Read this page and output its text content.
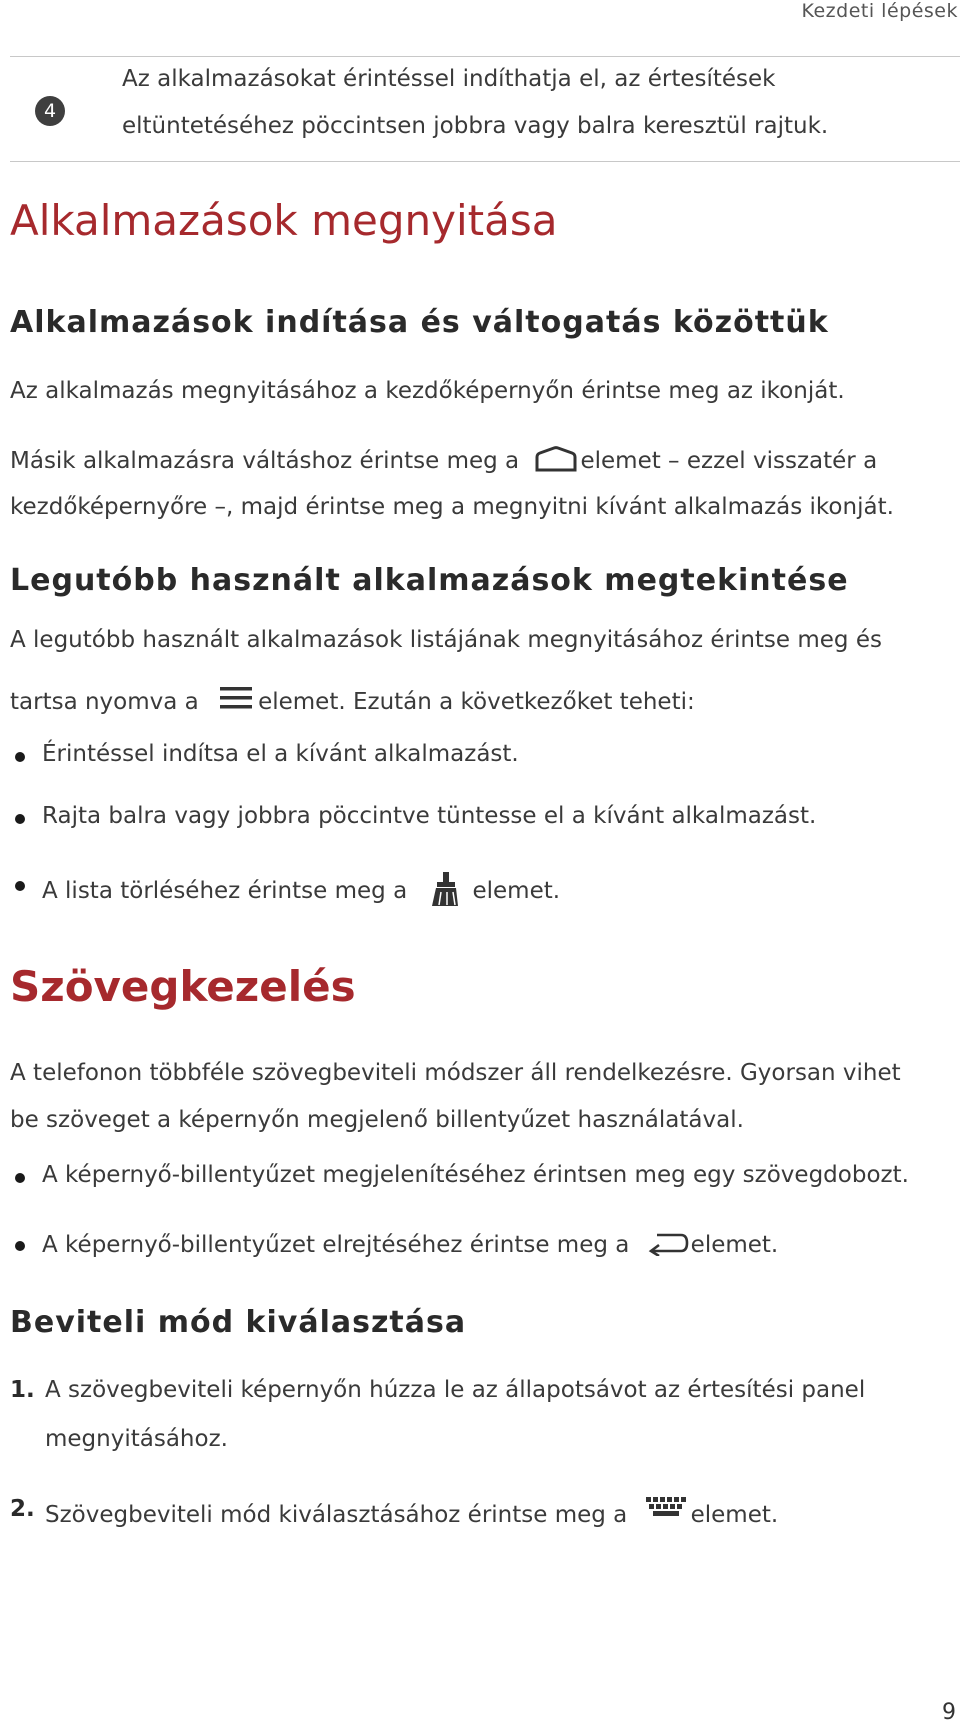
Kezdeti lépések
4
Az alkalmazásokat érintéssel indíthatja el, az értesítések
eltüntetéséhez pöccintsen jobbra vagy balra keresztül rajtuk.
Alkalmazások megnyitása
Alkalmazások indítása és váltogatás közöttük
Az alkalmazás megnyitásához a kezdőképernyőn érintse meg az ikonját.
Másik alkalmazásra váltáshoz érintse meg a	elemet – ezzel visszatér a
kezdőképernyőre –, majd érintse meg a megnyitni kívánt alkalmazás ikonját.
Legutóbb használt alkalmazások megtekintése
A legutóbb használt alkalmazások listájának megnyitásához érintse meg és
tartsa nyomva a	elemet. Ezután a következőket teheti:
Érintéssel indítsa el a kívánt alkalmazást.
Rajta balra vagy jobbra pöccintve tüntesse el a kívánt alkalmazást.
A lista törléséhez érintse meg a	elemet.
Szövegkezelés
A telefonon többféle szövegbeviteli módszer áll rendelkezésre. Gyorsan vihet
be szöveget a képernyőn megjelenő billentyűzet használatával.
A képernyő-billentyűzet megjelenítéséhez érintsen meg egy szövegdobozt.
A képernyő-billentyűzet elrejtéséhez érintse meg a	elemet.
Beviteli mód kiválasztása
1. A szövegbeviteli képernyőn húzza le az állapotsávot az értesítési panel
megnyitásához.
2. Szövegbeviteli mód kiválasztásához érintse meg a	elemet.
9
